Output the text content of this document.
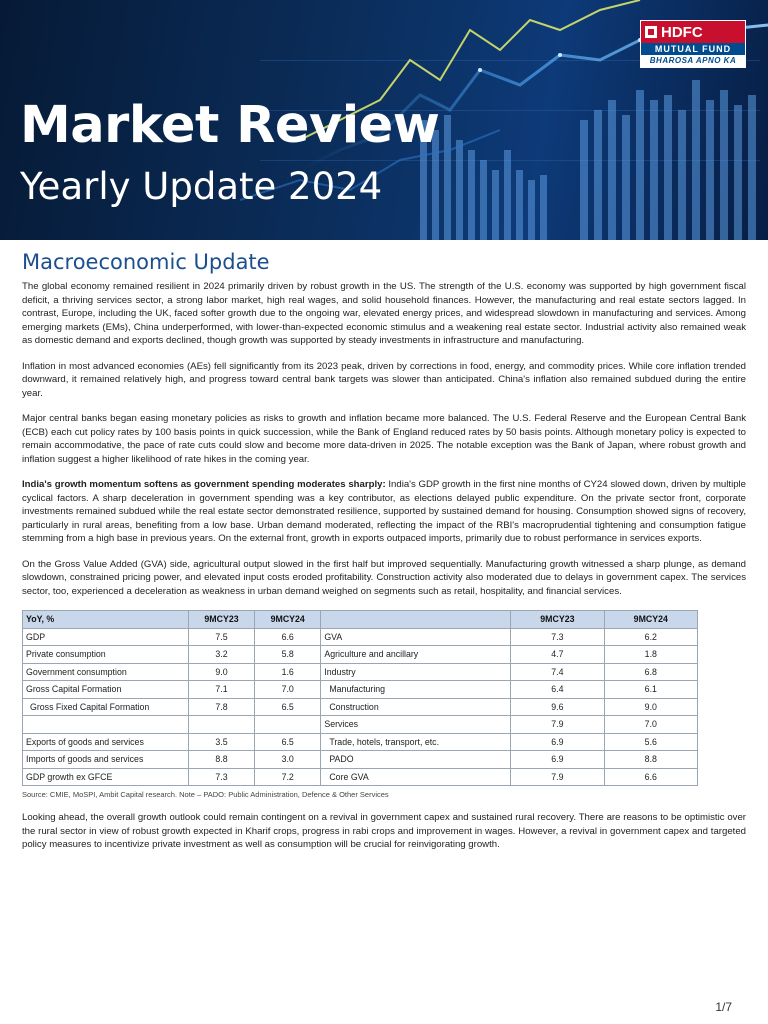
HDFC
MUTUAL FUND
BHAROSA APNO KA
Market Review
Yearly Update 2024
Macroeconomic Update

The global economy remained resilient in 2024 primarily driven by robust growth in the US. The strength of the U.S. economy was supported by high government fiscal deficit, a thriving services sector, a strong labor market, high real wages, and solid household finances. However, the manufacturing and real estate sectors lagged. In contrast, Europe, including the UK, faced softer growth due to the ongoing war, elevated energy prices, and widespread slowdown in manufacturing and services. Among emerging markets (EMs), China underperformed, with lower-than-expected economic stimulus and a weakening real estate sector. Industrial activity also remained weak as domestic demand and exports declined, though growth was supported by steady investments in infrastructure and manufacturing.

Inflation in most advanced economies (AEs) fell significantly from its 2023 peak, driven by corrections in food, energy, and commodity prices. While core inflation trended downward, it remained relatively high, and progress toward central bank targets was slower than anticipated. China's inflation also remained subdued during the entire year.

Major central banks began easing monetary policies as risks to growth and inflation became more balanced. The U.S. Federal Reserve and the European Central Bank (ECB) each cut policy rates by 100 basis points in quick succession, while the Bank of England reduced rates by 50 basis points. Although monetary policy is expected to remain accommodative, the pace of rate cuts could slow and become more data-driven in 2025. The notable exception was the Bank of Japan, where robust growth and inflation suggest a higher likelihood of rate hikes in the coming year.

India's growth momentum softens as government spending moderates sharply: India's GDP growth in the first nine months of CY24 slowed down, driven by multiple cyclical factors. A sharp deceleration in government spending was a key contributor, as elections delayed public expenditure. On the private sector front, corporate investments remained subdued while the real estate sector demonstrated resilience, supported by sustained demand for housing. Consumption showed signs of recovery, particularly in rural areas, benefiting from a low base. Urban demand moderated, reflecting the impact of the RBI's macroprudential tightening and consumption fatigue stemming from a high base in previous years. On the external front, growth in exports outpaced imports, primarily due to robust performance in services exports.

On the Gross Value Added (GVA) side, agricultural output slowed in the first half but improved sequentially. Manufacturing growth witnessed a sharp plunge, as demand slowdown, constrained pricing power, and elevated input costs eroded profitability. Construction activity also moderated due to delays in government capex. The services sector, too, experienced a deceleration as weakness in urban demand weighed on segments such as retail, hospitality, and financial services.

YoY, %	9MCY23	9MCY24		9MCY23	9MCY24
GDP	7.5	6.6	GVA	7.3	6.2
Private consumption	3.2	5.8	Agriculture and ancillary	4.7	1.8
Government consumption	9.0	1.6	Industry	7.4	6.8
Gross Capital Formation	7.1	7.0	Manufacturing	6.4	6.1
Gross Fixed Capital Formation	7.8	6.5	Construction	9.6	9.0
			Services	7.9	7.0
Exports of goods and services	3.5	6.5	Trade, hotels, transport, etc.	6.9	5.6
Imports of goods and services	8.8	3.0	PADO	6.9	8.8
GDP growth ex GFCE	7.3	7.2	Core GVA	7.9	6.6
Source: CMIE, MoSPI, Ambit Capital research. Note – PADO: Public Administration, Defence & Other Services

Looking ahead, the overall growth outlook could remain contingent on a revival in government capex and sustained rural recovery. There are reasons to be optimistic over the rural sector in view of robust growth expected in Kharif crops, progress in rabi crops and improvement in wages. However, a revival in government capex and targeted policy measures to incentivize private investment as well as consumption will be crucial for reinvigorating growth.

1/7
